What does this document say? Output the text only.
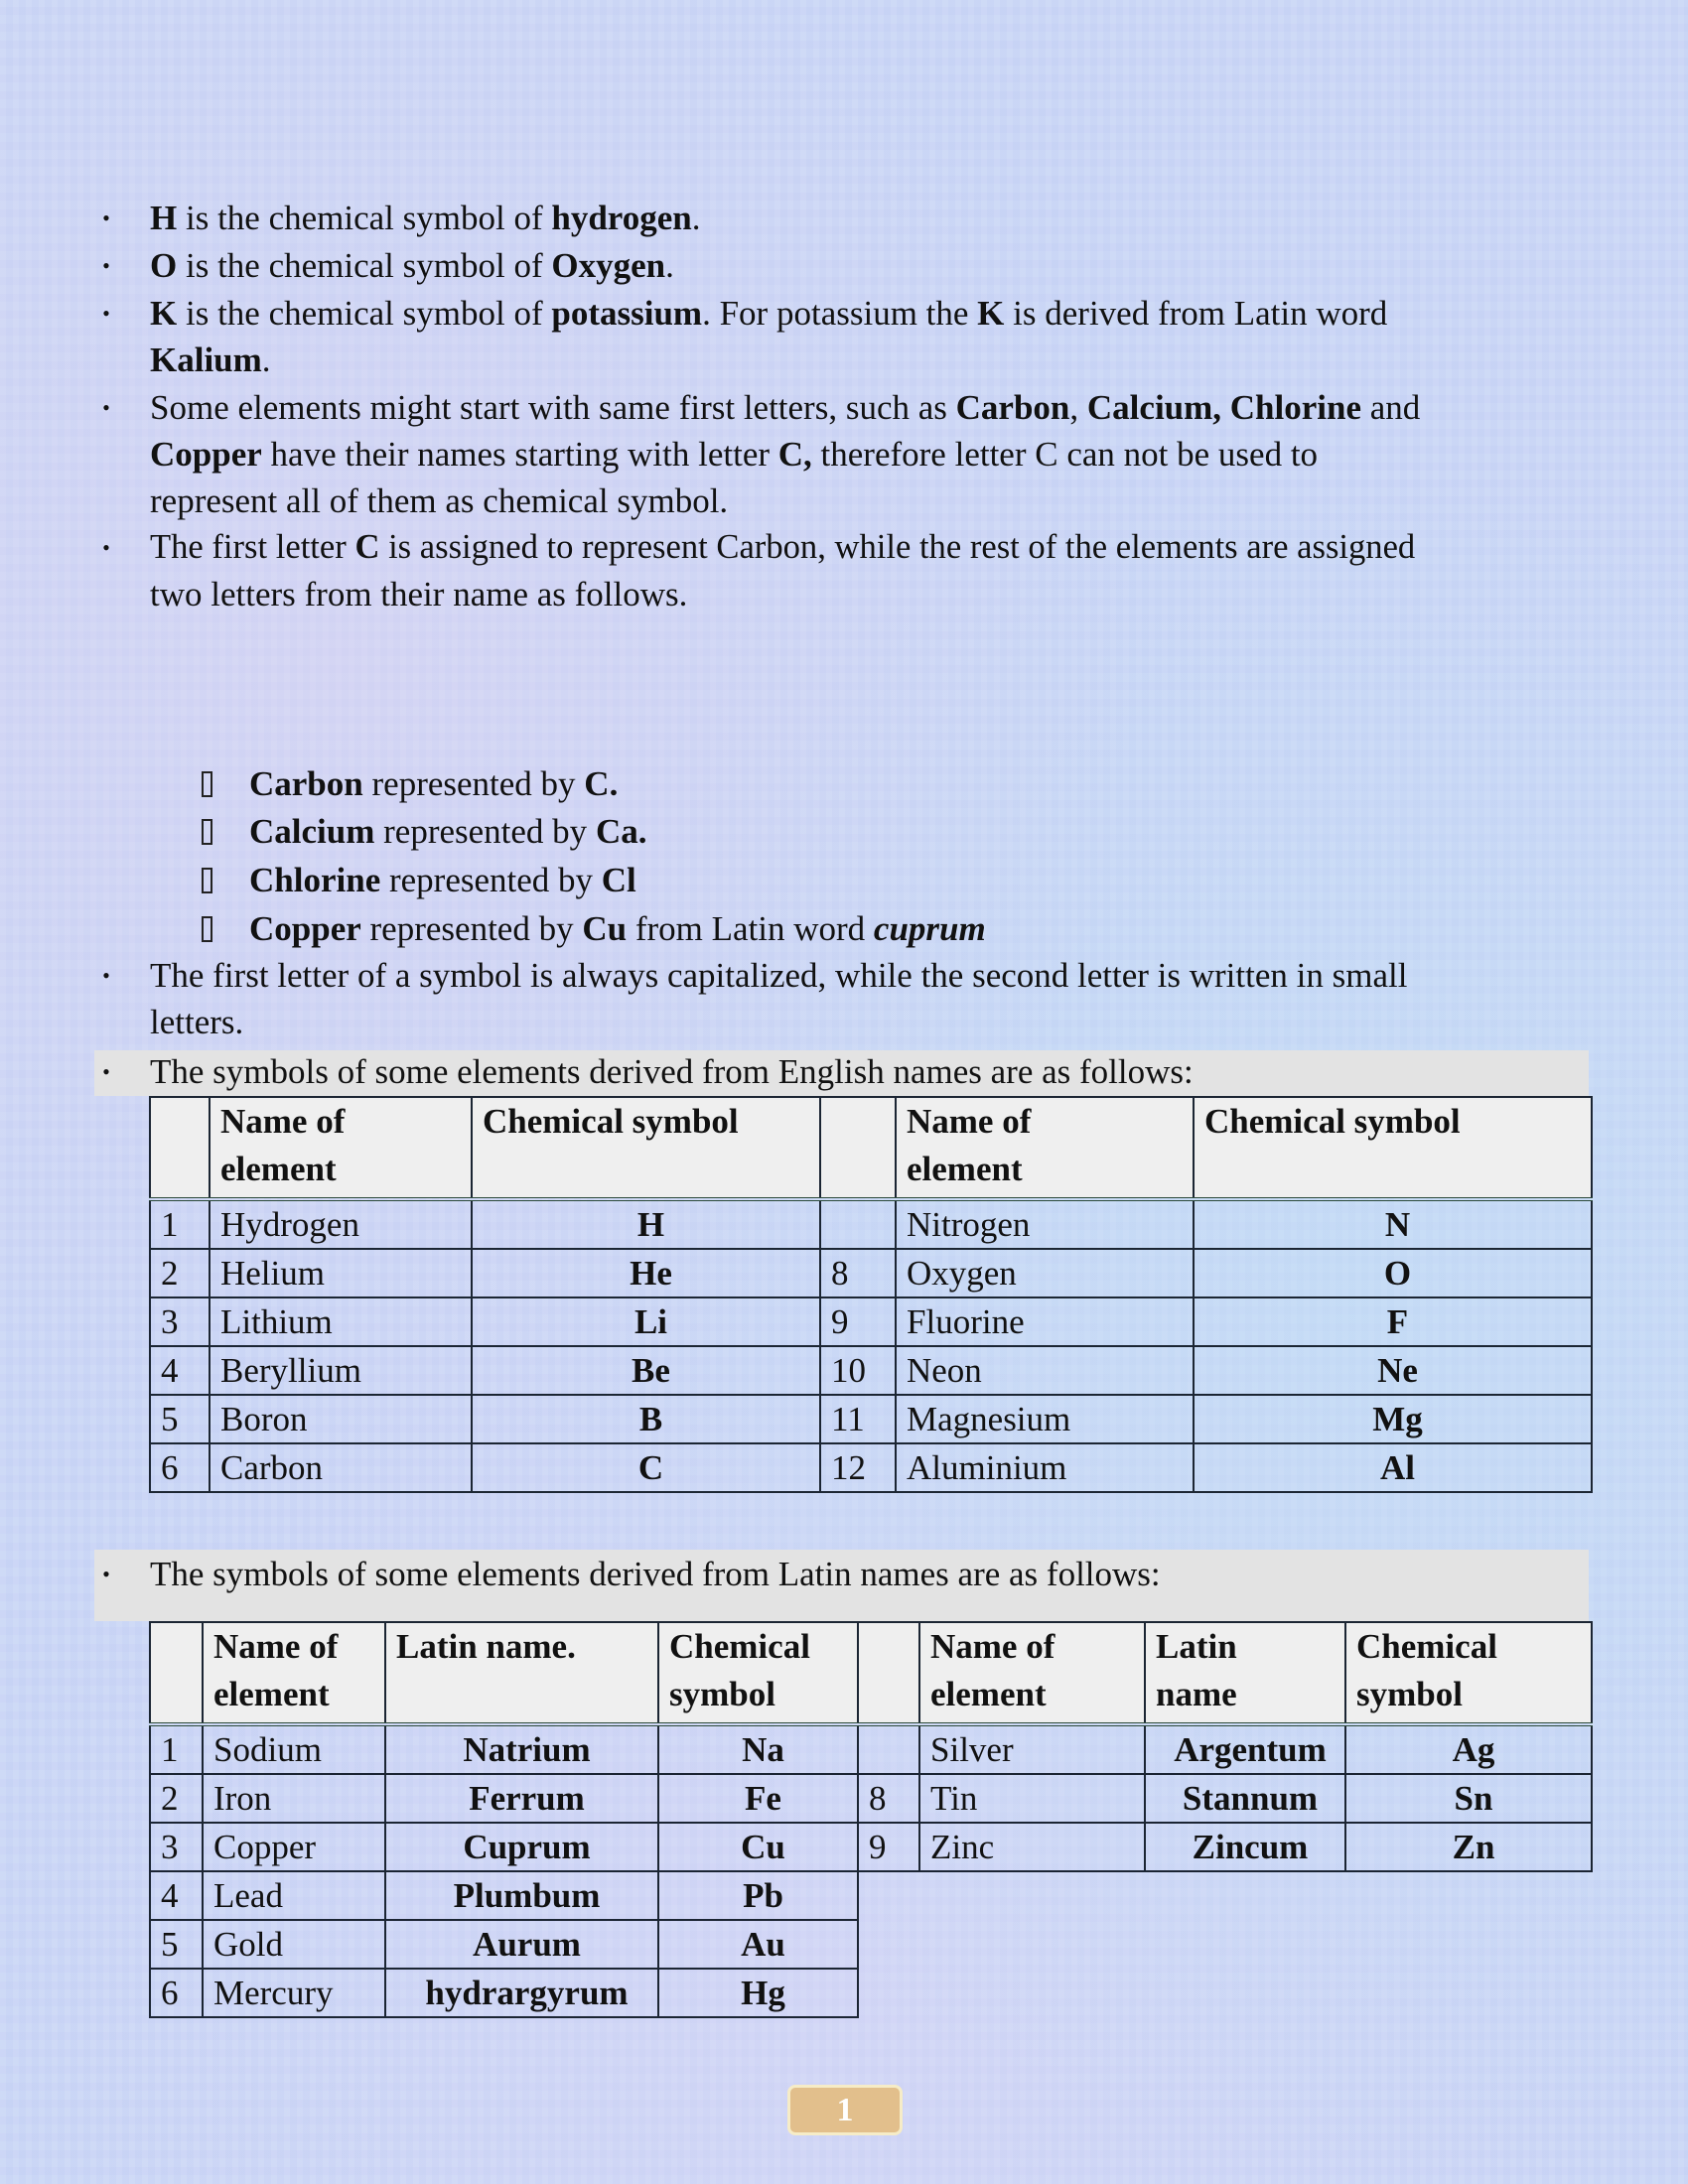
• H is the chemical symbol of hydrogen.
• O is the chemical symbol of Oxygen.
• K is the chemical symbol of potassium. For potassium the K is derived from Latin word
Kalium.
• Some elements might start with same first letters, such as Carbon, Calcium, Chlorine and
Copper have their names starting with letter C, therefore letter C can not be used to
represent all of them as chemical symbol.
• The first letter C is assigned to represent Carbon, while the rest of the elements are assigned
two letters from their name as follows.
Carbon represented by C.
Calcium represented by Ca.
Chlorine represented by Cl
Copper represented by Cu from Latin word cuprum
• The first letter of a symbol is always capitalized, while the second letter is written in small
letters.
• The symbols of some elements derived from English names are as follows:
	Name of
element	Chemical symbol		Name of
element	Chemical symbol
1	Hydrogen	H		Nitrogen	N
2	Helium	He	8	Oxygen	O
3	Lithium	Li	9	Fluorine	F
4	Beryllium	Be	10	Neon	Ne
5	Boron	B	11	Magnesium	Mg
6	Carbon	C	12	Aluminium	Al
• The symbols of some elements derived from Latin names are as follows:
	Name of
element	Latin name.	Chemical
symbol		Name of
element	Latin
name	Chemical
symbol
1	Sodium	Natrium	Na		Silver	Argentum	Ag
2	Iron	Ferrum	Fe	8	Tin	Stannum	Sn
3	Copper	Cuprum	Cu	9	Zinc	Zincum	Zn
4	Lead	Plumbum	Pb				
5	Gold	Aurum	Au				
6	Mercury	hydrargyrum	Hg				
1
